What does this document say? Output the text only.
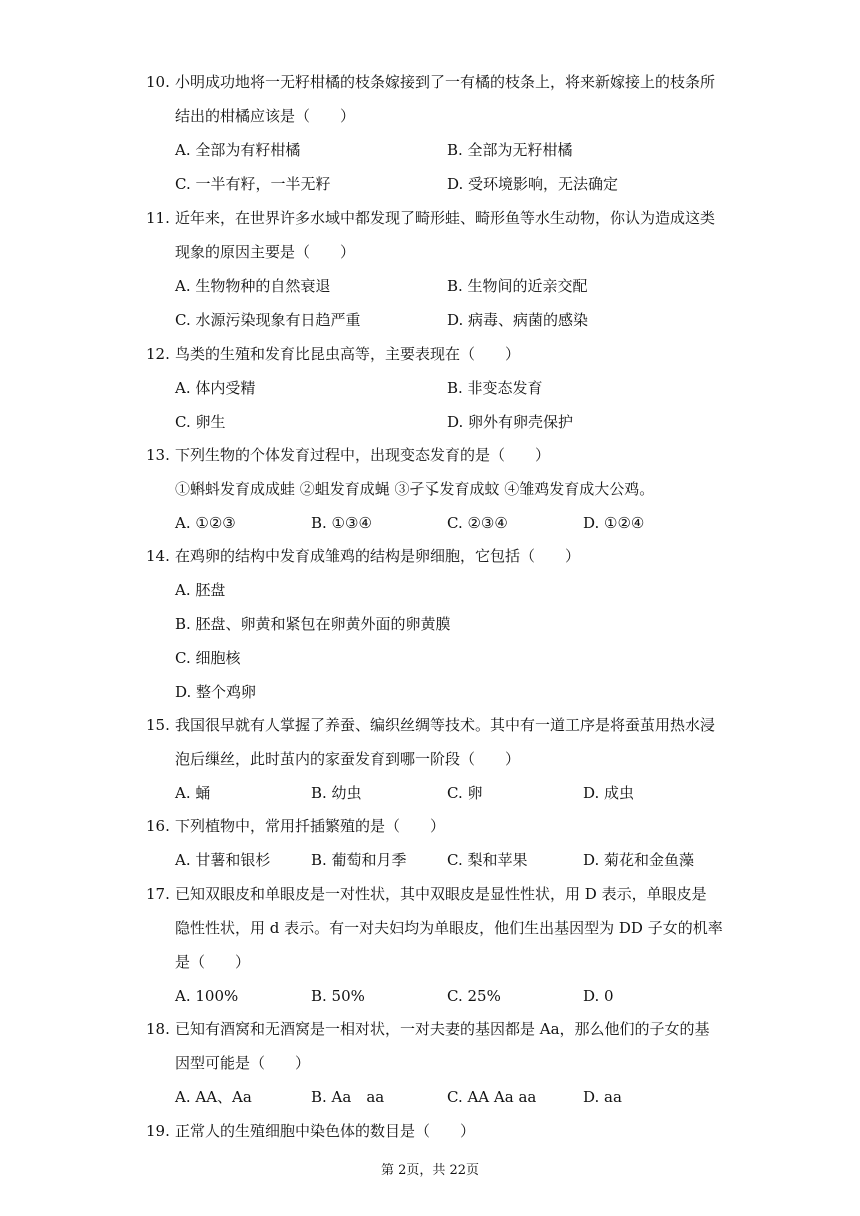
10. 小明成功地将一无籽柑橘的枝条嫁接到了一有橘的枝条上，将来新嫁接上的枝条所
结出的柑橘应该是（　　）
A. 全部为有籽柑橘	B. 全部为无籽柑橘
C. 一半有籽，一半无籽	D. 受环境影响，无法确定
11. 近年来，在世界许多水域中都发现了畸形蛙、畸形鱼等水生动物，你认为造成这类
现象的原因主要是（　　）
A. 生物物种的自然衰退	B. 生物间的近亲交配
C. 水源污染现象有日趋严重	D. 病毒、病菌的感染
12. 鸟类的生殖和发育比昆虫高等，主要表现在（　　）
A. 体内受精	B. 非变态发育
C. 卵生	D. 卵外有卵壳保护
13. 下列生物的个体发育过程中，出现变态发育的是（　　）
①蝌蚪发育成成蛙 ②蛆发育成蝇 ③孑孓发育成蚊 ④雏鸡发育成大公鸡。
A. ①②③	B. ①③④	C. ②③④	D. ①②④
14. 在鸡卵的结构中发育成雏鸡的结构是卵细胞，它包括（　　）
A. 胚盘
B. 胚盘、卵黄和紧包在卵黄外面的卵黄膜
C. 细胞核
D. 整个鸡卵
15. 我国很早就有人掌握了养蚕、编织丝绸等技术。其中有一道工序是将蚕茧用热水浸
泡后缫丝，此时茧内的家蚕发育到哪一阶段（　　）
A. 蛹	B. 幼虫	C. 卵	D. 成虫
16. 下列植物中，常用扦插繁殖的是（　　）
A. 甘薯和银杉	B. 葡萄和月季	C. 梨和苹果	D. 菊花和金鱼藻
17. 已知双眼皮和单眼皮是一对性状，其中双眼皮是显性性状，用 D 表示，单眼皮是
隐性性状，用 d 表示。有一对夫妇均为单眼皮，他们生出基因型为 DD 子女的机率
是（　　）
A. 100%	B. 50%	C. 25%	D. 0
18. 已知有酒窝和无酒窝是一相对状，一对夫妻的基因都是 Aa，那么他们的子女的基
因型可能是（　　）
A. AA、Aa	B. Aa　aa	C. AA Aa aa	D. aa
19. 正常人的生殖细胞中染色体的数目是（　　）
第 2页，共 22页
